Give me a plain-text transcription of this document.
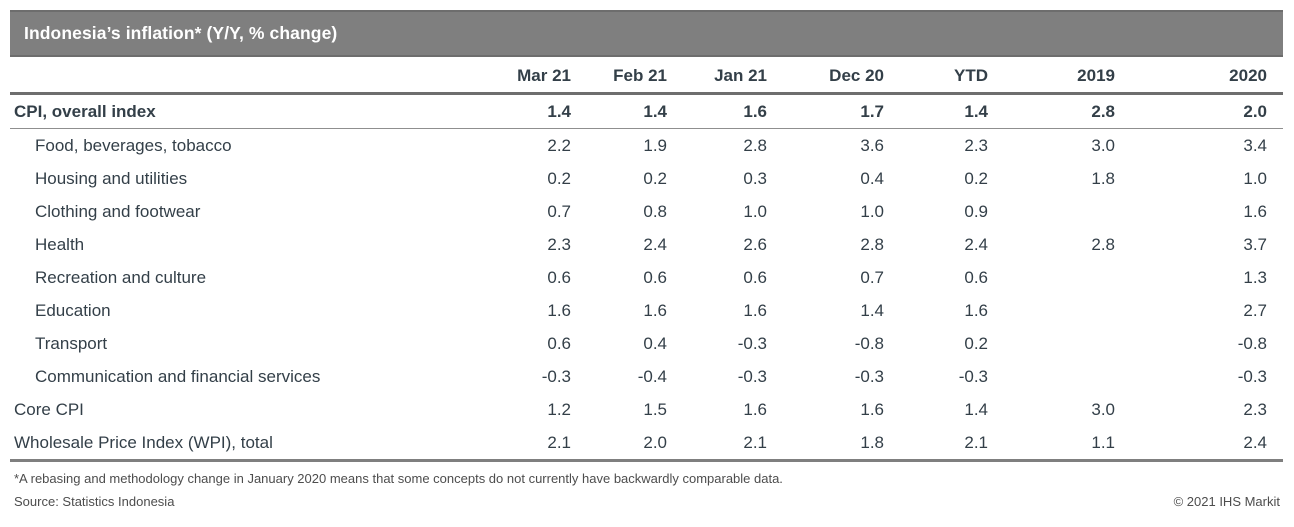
Indonesia’s inflation* (Y/Y, % change)
	Mar 21	Feb 21	Jan 21	Dec 20	YTD	2019	2020
CPI, overall index	1.4	1.4	1.6	1.7	1.4	2.8	2.0
Food, beverages, tobacco	2.2	1.9	2.8	3.6	2.3	3.0	3.4
Housing and utilities	0.2	0.2	0.3	0.4	0.2	1.8	1.0
Clothing and footwear	0.7	0.8	1.0	1.0	0.9		1.6
Health	2.3	2.4	2.6	2.8	2.4	2.8	3.7
Recreation and culture	0.6	0.6	0.6	0.7	0.6		1.3
Education	1.6	1.6	1.6	1.4	1.6		2.7
Transport	0.6	0.4	-0.3	-0.8	0.2		-0.8
Communication and financial services	-0.3	-0.4	-0.3	-0.3	-0.3		-0.3
Core CPI	1.2	1.5	1.6	1.6	1.4	3.0	2.3
Wholesale Price Index (WPI), total	2.1	2.0	2.1	1.8	2.1	1.1	2.4
*A rebasing and methodology change in January 2020 means that some concepts do not currently have backwardly comparable data.
Source: Statistics Indonesia	© 2021 IHS Markit
